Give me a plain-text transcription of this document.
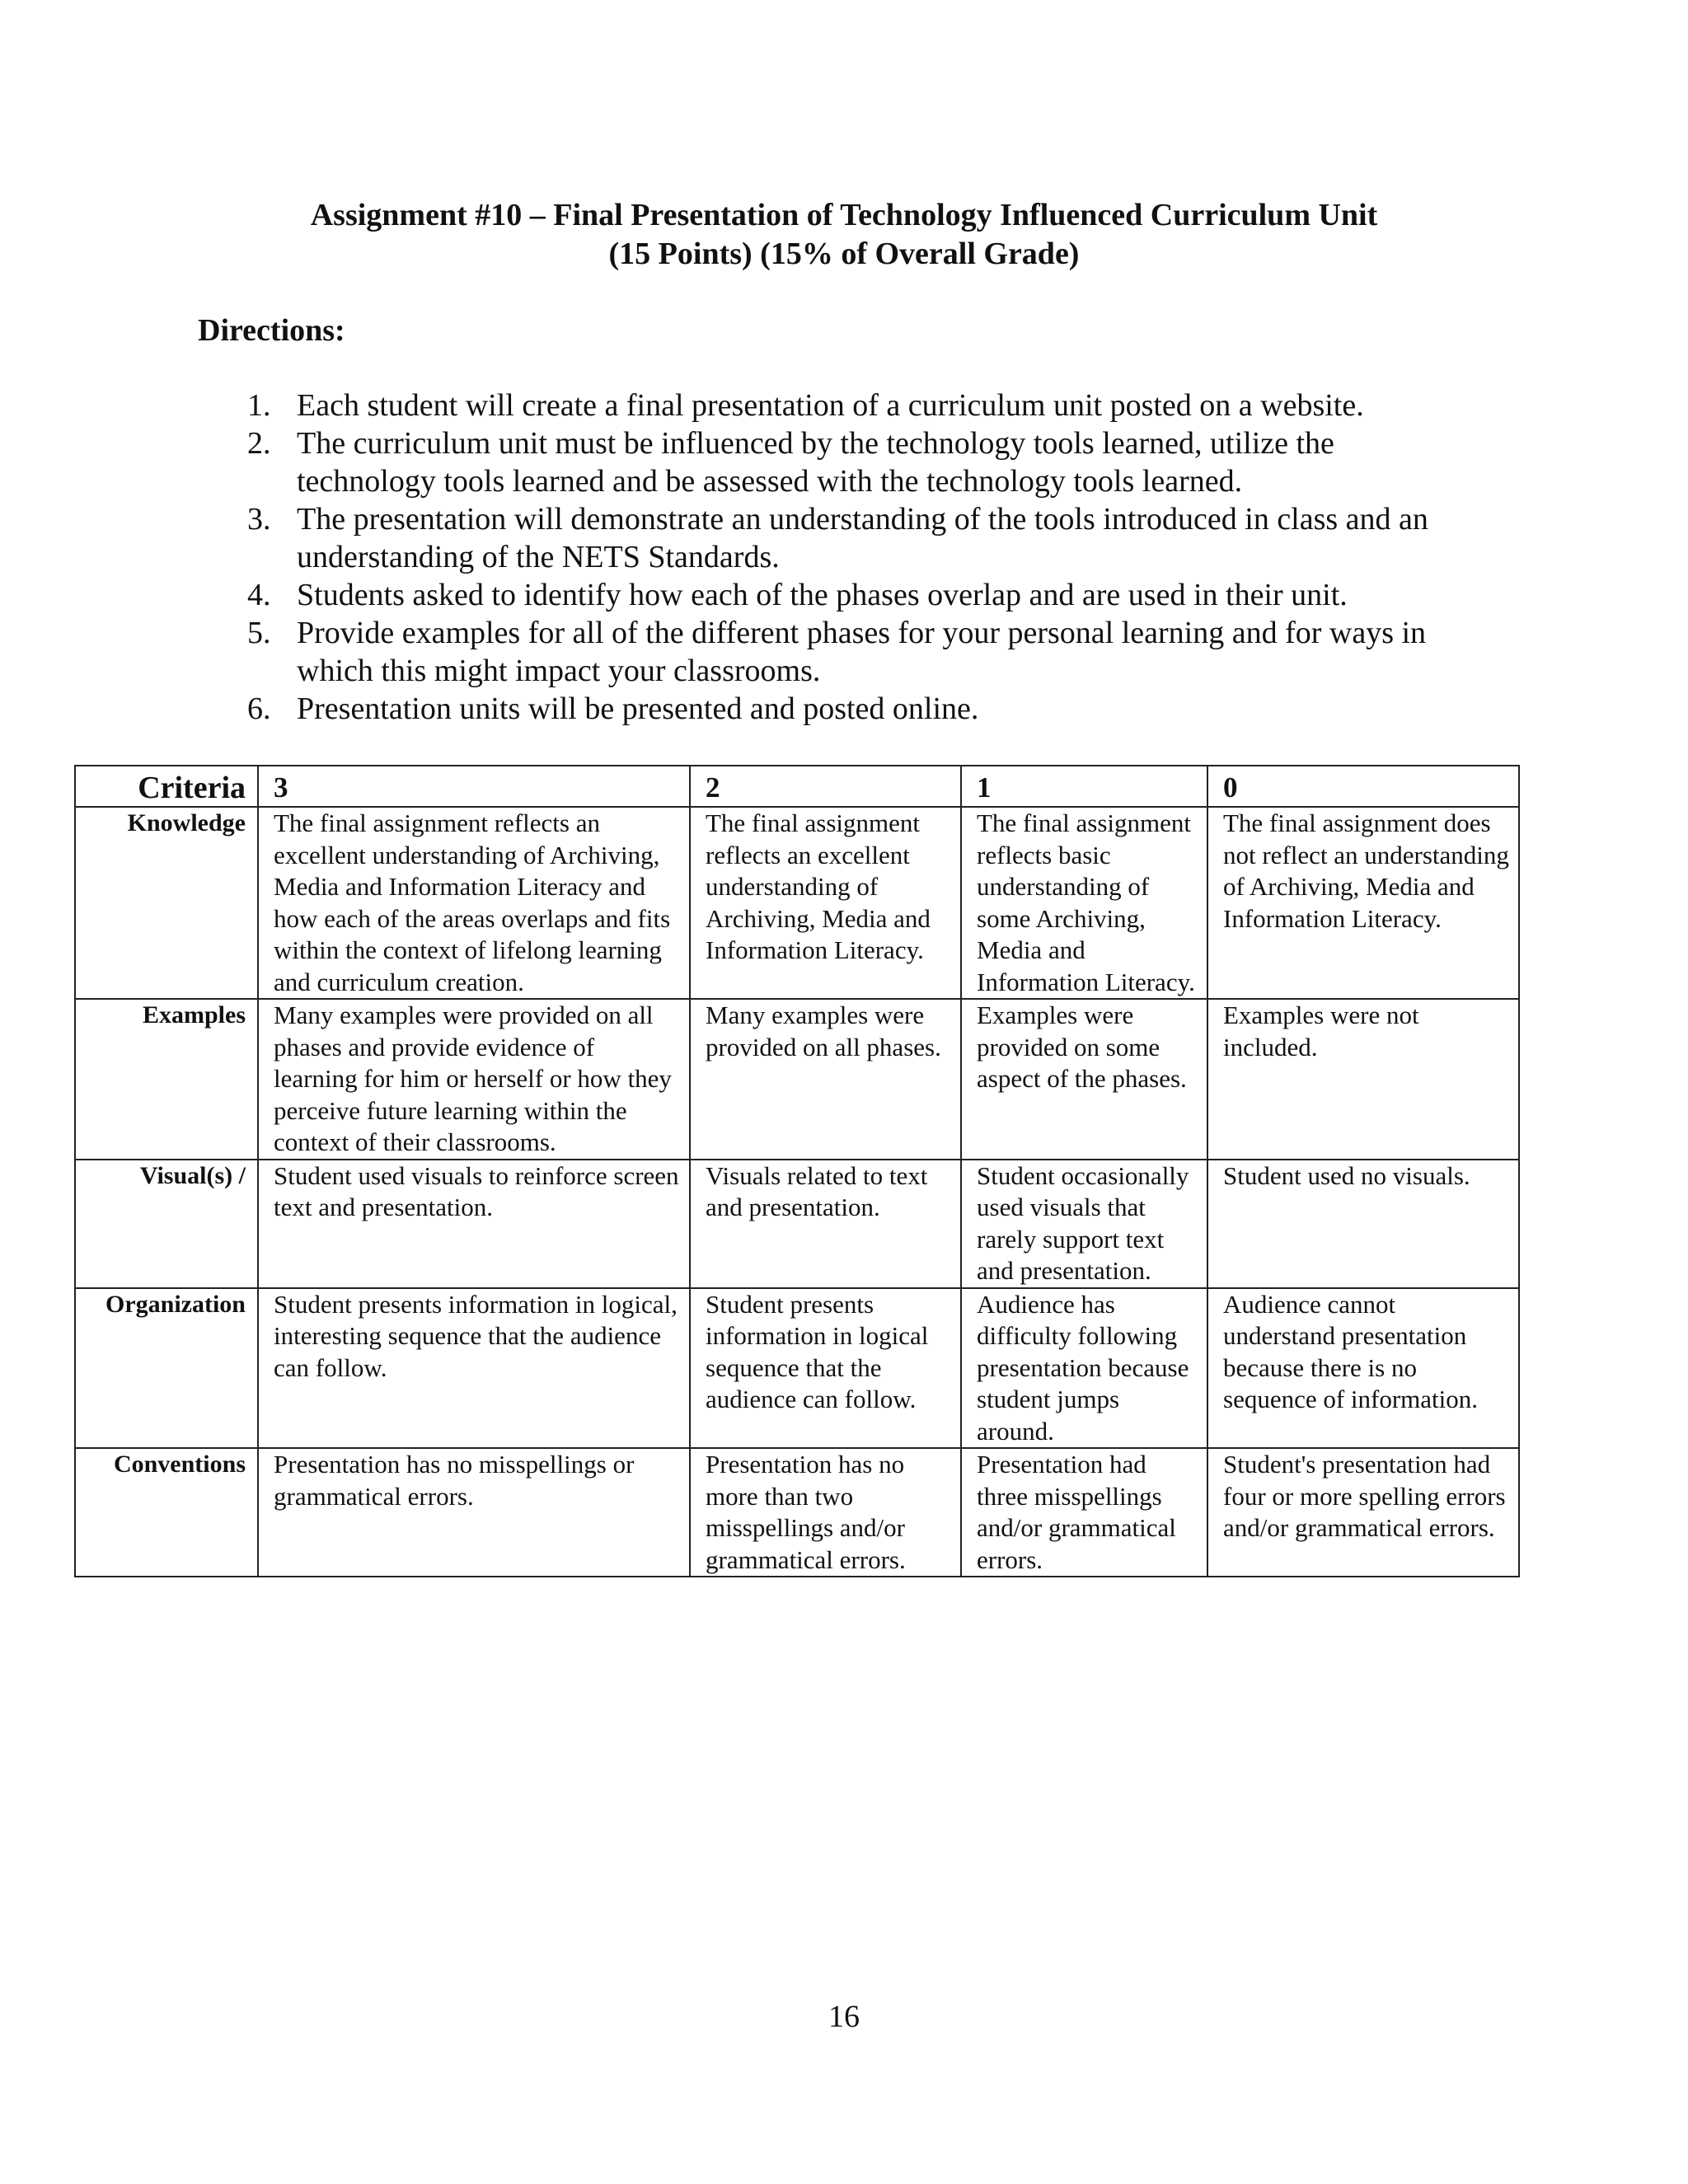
Assignment #10 – Final Presentation of Technology Influenced Curriculum Unit
(15 Points) (15% of Overall Grade)
Directions:
1. Each student will create a final presentation of a curriculum unit posted on a website.
2. The curriculum unit must be influenced by the technology tools learned, utilize the technology tools learned and be assessed with the technology tools learned.
3. The presentation will demonstrate an understanding of the tools introduced in class and an understanding of the NETS Standards.
4. Students asked to identify how each of the phases overlap and are used in their unit.
5. Provide examples for all of the different phases for your personal learning and for ways in which this might impact your classrooms.
6. Presentation units will be presented and posted online.
Criteria	3	2	1	0
Knowledge	The final assignment reflects an excellent understanding of Archiving, Media and Information Literacy and how each of the areas overlaps and fits within the context of lifelong learning and curriculum creation.	The final assignment reflects an excellent understanding of Archiving, Media and Information Literacy.	The final assignment reflects basic understanding of some Archiving, Media and Information Literacy.	The final assignment does not reflect an understanding of Archiving, Media and Information Literacy.
Examples	Many examples were provided on all phases and provide evidence of learning for him or herself or how they perceive future learning within the context of their classrooms.	Many examples were provided on all phases.	Examples were provided on some aspect of the phases.	Examples were not included.
Visual(s) /	Student used visuals to reinforce screen text and presentation.	Visuals related to text and presentation.	Student occasionally used visuals that rarely support text and presentation.	Student used no visuals.
Organization	Student presents information in logical, interesting sequence that the audience can follow.	Student presents information in logical sequence that the audience can follow.	Audience has difficulty following presentation because student jumps around.	Audience cannot understand presentation because there is no sequence of information.
Conventions	Presentation has no misspellings or grammatical errors.	Presentation has no more than two misspellings and/or grammatical errors.	Presentation had three misspellings and/or grammatical errors.	Student's presentation had four or more spelling errors and/or grammatical errors.
16
